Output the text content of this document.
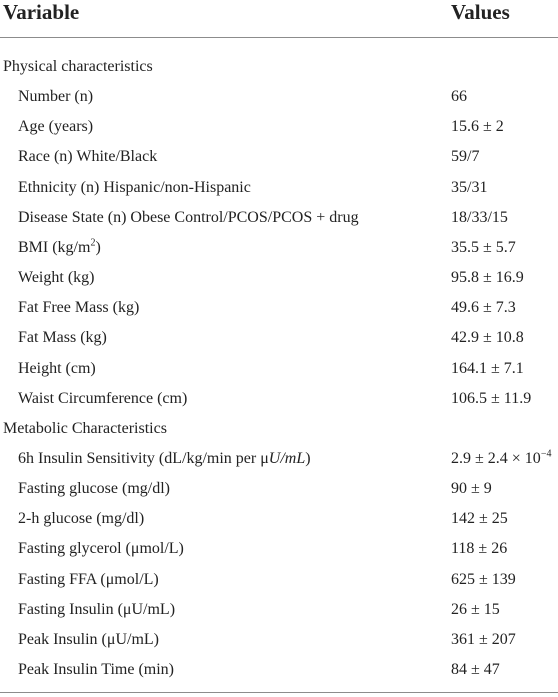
Variable	Values
Physical characteristics
Number (n)	66
Age (years)	15.6 ± 2
Race (n) White/Black	59/7
Ethnicity (n) Hispanic/non-Hispanic	35/31
Disease State (n) Obese Control/PCOS/PCOS + drug	18/33/15
BMI $(kg/m^2)$	35.5 ± 5.7
Weight (kg)	95.8 ± 16.9
Fat Free Mass (kg)	49.6 ± 7.3
Fat Mass (kg)	42.9 ± 10.8
Height (cm)	164.1 ± 7.1
Waist Circumference (cm)	106.5 ± 11.9
Metabolic Characteristics
6h Insulin Sensitivity (dL/kg/min per μU/mL)	$2.9 \pm 2.4 \times 10^{-4}$
Fasting glucose (mg/dl)	90 ± 9
2-h glucose (mg/dl)	142 ± 25
Fasting glycerol (μmol/L)	118 ± 26
Fasting FFA (μmol/L)	625 ± 139
Fasting Insulin (μU/mL)	26 ± 15
Peak Insulin (μU/mL)	361 ± 207
Peak Insulin Time (min)	84 ± 47
